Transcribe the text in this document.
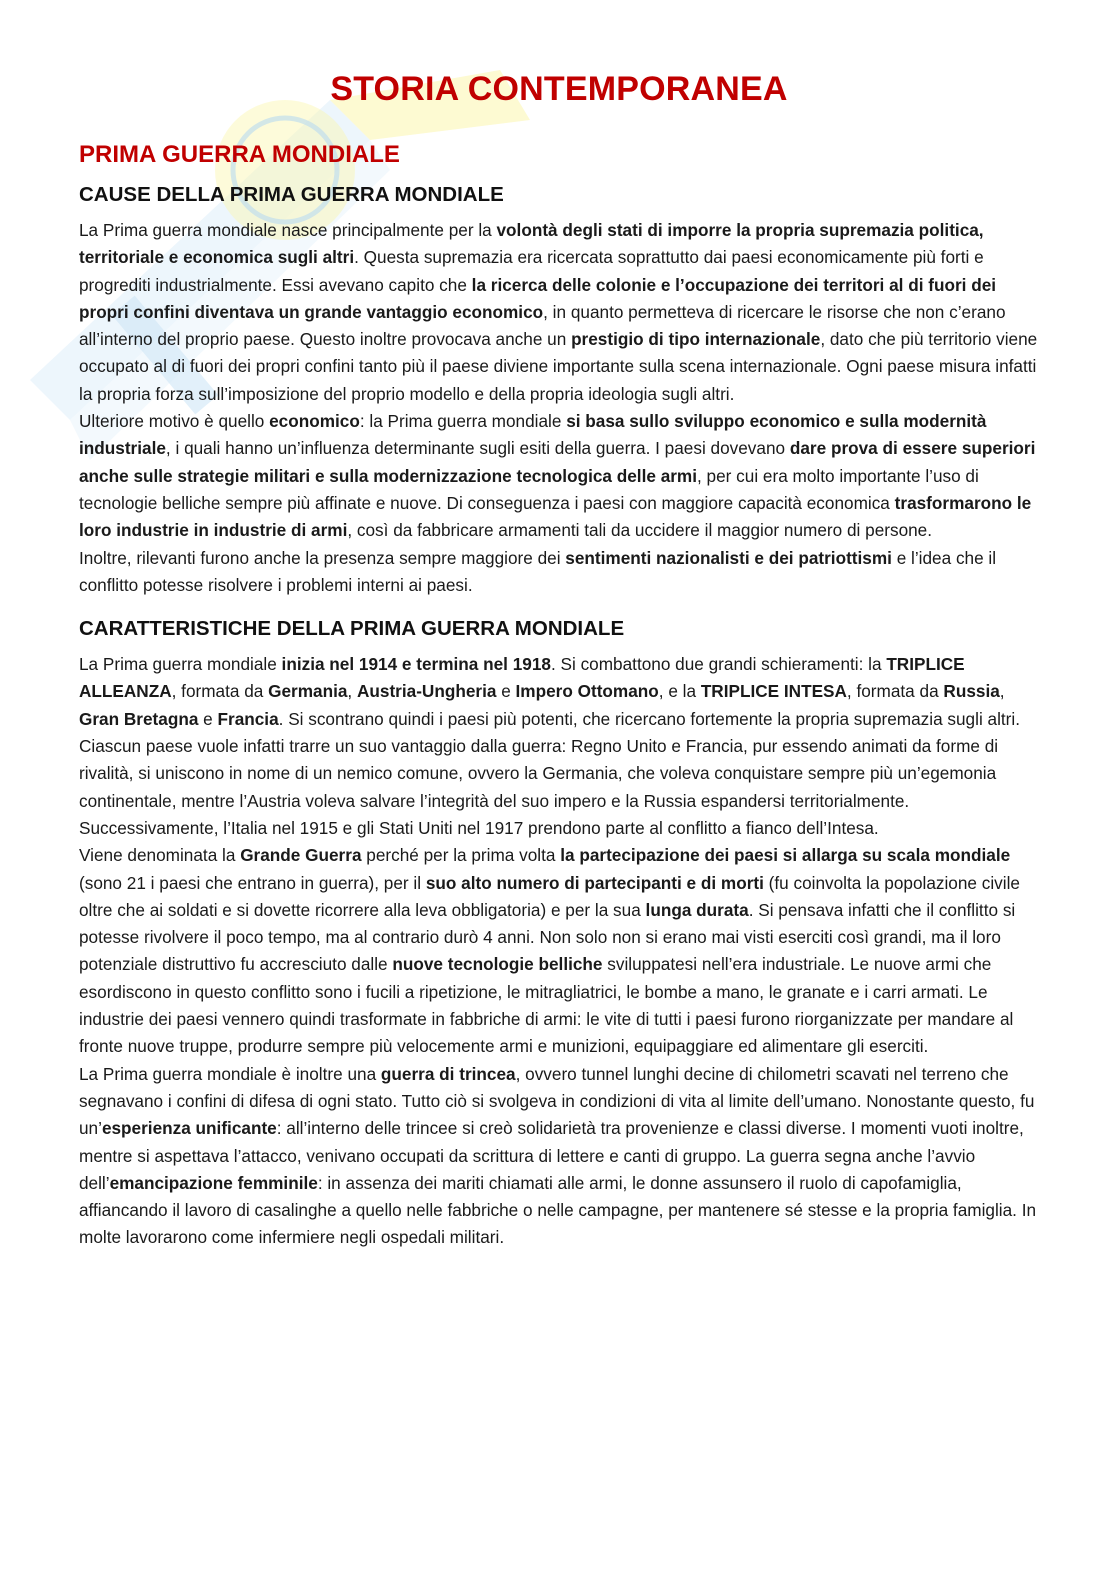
STORIA CONTEMPORANEA
PRIMA GUERRA MONDIALE
CAUSE DELLA PRIMA GUERRA MONDIALE
La Prima guerra mondiale nasce principalmente per la volontà degli stati di imporre la propria supremazia politica, territoriale e economica sugli altri. Questa supremazia era ricercata soprattutto dai paesi economicamente più forti e progrediti industrialmente. Essi avevano capito che la ricerca delle colonie e l’occupazione dei territori al di fuori dei propri confini diventava un grande vantaggio economico, in quanto permetteva di ricercare le risorse che non c’erano all’interno del proprio paese. Questo inoltre provocava anche un prestigio di tipo internazionale, dato che più territorio viene occupato al di fuori dei propri confini tanto più il paese diviene importante sulla scena internazionale. Ogni paese misura infatti la propria forza sull’imposizione del proprio modello e della propria ideologia sugli altri.
Ulteriore motivo è quello economico: la Prima guerra mondiale si basa sullo sviluppo economico e sulla modernità industriale, i quali hanno un’influenza determinante sugli esiti della guerra. I paesi dovevano dare prova di essere superiori anche sulle strategie militari e sulla modernizzazione tecnologica delle armi, per cui era molto importante l’uso di tecnologie belliche sempre più affinate e nuove. Di conseguenza i paesi con maggiore capacità economica trasformarono le loro industrie in industrie di armi, così da fabbricare armamenti tali da uccidere il maggior numero di persone.
Inoltre, rilevanti furono anche la presenza sempre maggiore dei sentimenti nazionalisti e dei patriottismi e l’idea che il conflitto potesse risolvere i problemi interni ai paesi.
CARATTERISTICHE DELLA PRIMA GUERRA MONDIALE
La Prima guerra mondiale inizia nel 1914 e termina nel 1918. Si combattono due grandi schieramenti: la TRIPLICE ALLEANZA, formata da Germania, Austria-Ungheria e Impero Ottomano, e la TRIPLICE INTESA, formata da Russia, Gran Bretagna e Francia. Si scontrano quindi i paesi più potenti, che ricercano fortemente la propria supremazia sugli altri. Ciascun paese vuole infatti trarre un suo vantaggio dalla guerra: Regno Unito e Francia, pur essendo animati da forme di rivalità, si uniscono in nome di un nemico comune, ovvero la Germania, che voleva conquistare sempre più un’egemonia continentale, mentre l’Austria voleva salvare l’integrità del suo impero e la Russia espandersi territorialmente. Successivamente, l’Italia nel 1915 e gli Stati Uniti nel 1917 prendono parte al conflitto a fianco dell’Intesa.
Viene denominata la Grande Guerra perché per la prima volta la partecipazione dei paesi si allarga su scala mondiale (sono 21 i paesi che entrano in guerra), per il suo alto numero di partecipanti e di morti (fu coinvolta la popolazione civile oltre che ai soldati e si dovette ricorrere alla leva obbligatoria) e per la sua lunga durata. Si pensava infatti che il conflitto si potesse rivolvere il poco tempo, ma al contrario durò 4 anni. Non solo non si erano mai visti eserciti così grandi, ma il loro potenziale distruttivo fu accresciuto dalle nuove tecnologie belliche sviluppatesi nell’era industriale. Le nuove armi che esordiscono in questo conflitto sono i fucili a ripetizione, le mitragliatrici, le bombe a mano, le granate e i carri armati. Le industrie dei paesi vennero quindi trasformate in fabbriche di armi: le vite di tutti i paesi furono riorganizzate per mandare al fronte nuove truppe, produrre sempre più velocemente armi e munizioni, equipaggiare ed alimentare gli eserciti.
La Prima guerra mondiale è inoltre una guerra di trincea, ovvero tunnel lunghi decine di chilometri scavati nel terreno che segnavano i confini di difesa di ogni stato. Tutto ciò si svolgeva in condizioni di vita al limite dell’umano. Nonostante questo, fu un’esperienza unificante: all’interno delle trincee si creò solidarietà tra provenienze e classi diverse. I momenti vuoti inoltre, mentre si aspettava l’attacco, venivano occupati da scrittura di lettere e canti di gruppo. La guerra segna anche l’avvio dell’emancipazione femminile: in assenza dei mariti chiamati alle armi, le donne assunsero il ruolo di capofamiglia, affiancando il lavoro di casalinghe a quello nelle fabbriche o nelle campagne, per mantenere sé stesse e la propria famiglia. In molte lavorarono come infermiere negli ospedali militari.
